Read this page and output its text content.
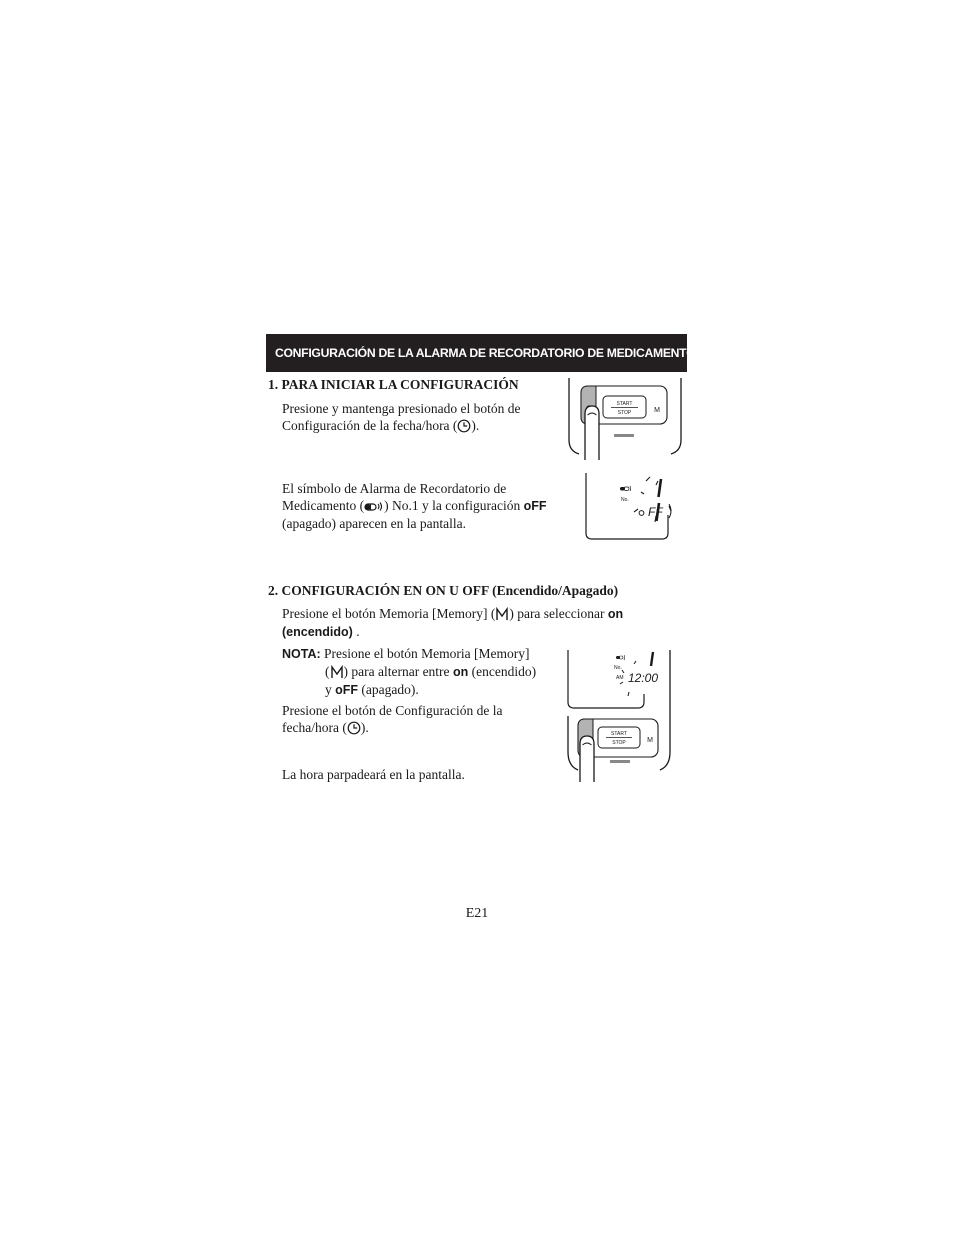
CONFIGURACIÓN DE LA ALARMA DE RECORDATORIO DE MEDICAMENTO
1. PARA INICIAR LA CONFIGURACIÓN
Presione y mantenga presionado el botón de
Configuración de la fecha/hora ( ).
El símbolo de Alarma de Recordatorio de
Medicamento ( ) No.1 y la configuración oFF
(apagado) aparecen en la pantalla.
START
STOP	M
No.
FF
2. CONFIGURACIÓN EN ON U OFF (Encendido/Apagado)
Presione el botón Memoria [Memory] ( ) para seleccionar on
(encendido) .
NOTA: Presione el botón Memoria [Memory]
( ) para alternar entre on (encendido)
y oFF (apagado).
Presione el botón de Configuración de la
fecha/hora ( ).
La hora parpadeará en la pantalla.
No.
AM 12:00
START
STOP	M
E21
